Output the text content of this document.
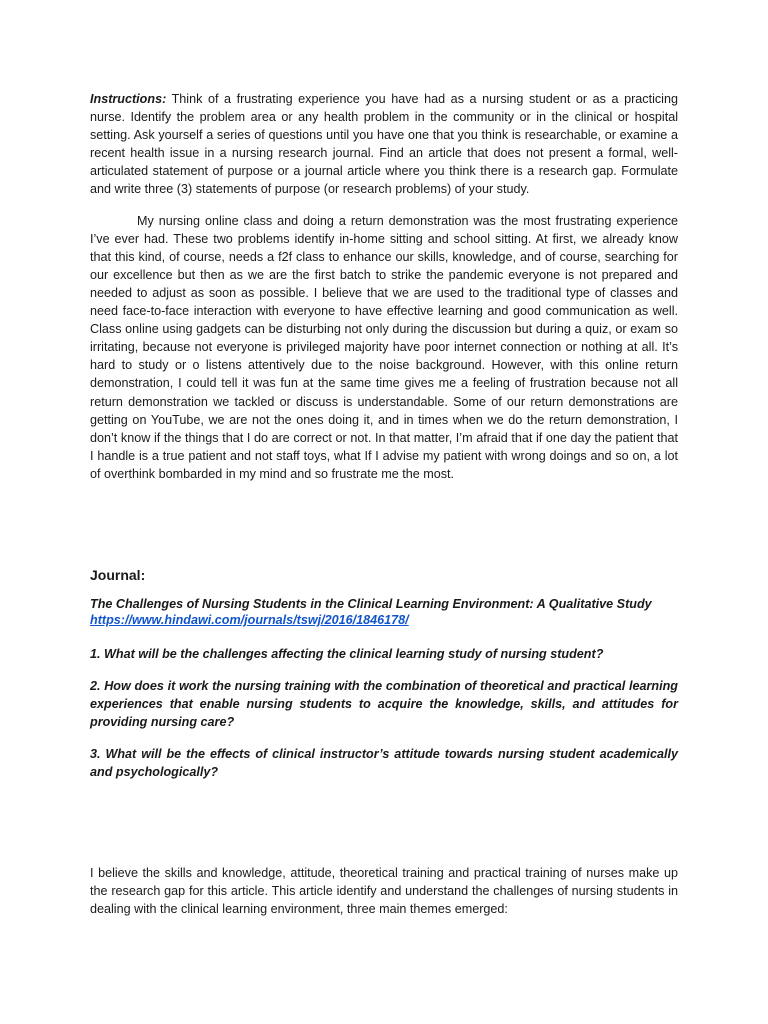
Instructions: Think of a frustrating experience you have had as a nursing student or as a practicing nurse. Identify the problem area or any health problem in the community or in the clinical or hospital setting. Ask yourself a series of questions until you have one that you think is researchable, or examine a recent health issue in a nursing research journal. Find an article that does not present a formal, well-articulated statement of purpose or a journal article where you think there is a research gap. Formulate and write three (3) statements of purpose (or research problems) of your study.

My nursing online class and doing a return demonstration was the most frustrating experience I’ve ever had. These two problems identify in-home sitting and school sitting. At first, we already know that this kind, of course, needs a f2f class to enhance our skills, knowledge, and of course, searching for our excellence but then as we are the first batch to strike the pandemic everyone is not prepared and needed to adjust as soon as possible. I believe that we are used to the traditional type of classes and need face-to-face interaction with everyone to have effective learning and good communication as well. Class online using gadgets can be disturbing not only during the discussion but during a quiz, or exam so irritating, because not everyone is privileged majority have poor internet connection or nothing at all. It’s hard to study or o listens attentively due to the noise background. However, with this online return demonstration, I could tell it was fun at the same time gives me a feeling of frustration because not all return demonstration we tackled or discuss is understandable. Some of our return demonstrations are getting on YouTube, we are not the ones doing it, and in times when we do the return demonstration, I don’t know if the things that I do are correct or not. In that matter, I’m afraid that if one day the patient that I handle is a true patient and not staff toys, what If I advise my patient with wrong doings and so on, a lot of overthink bombarded in my mind and so frustrate me the most.

Journal:

The Challenges of Nursing Students in the Clinical Learning Environment: A Qualitative Study
https://www.hindawi.com/journals/tswj/2016/1846178/

1. What will be the challenges affecting the clinical learning study of nursing student?

2. How does it work the nursing training with the combination of theoretical and practical learning experiences that enable nursing students to acquire the knowledge, skills, and attitudes for providing nursing care?

3. What will be the effects of clinical instructor’s attitude towards nursing student academically and psychologically?

I believe the skills and knowledge, attitude, theoretical training and practical training of nurses make up the research gap for this article. This article identify and understand the challenges of nursing students in dealing with the clinical learning environment, three main themes emerged:
